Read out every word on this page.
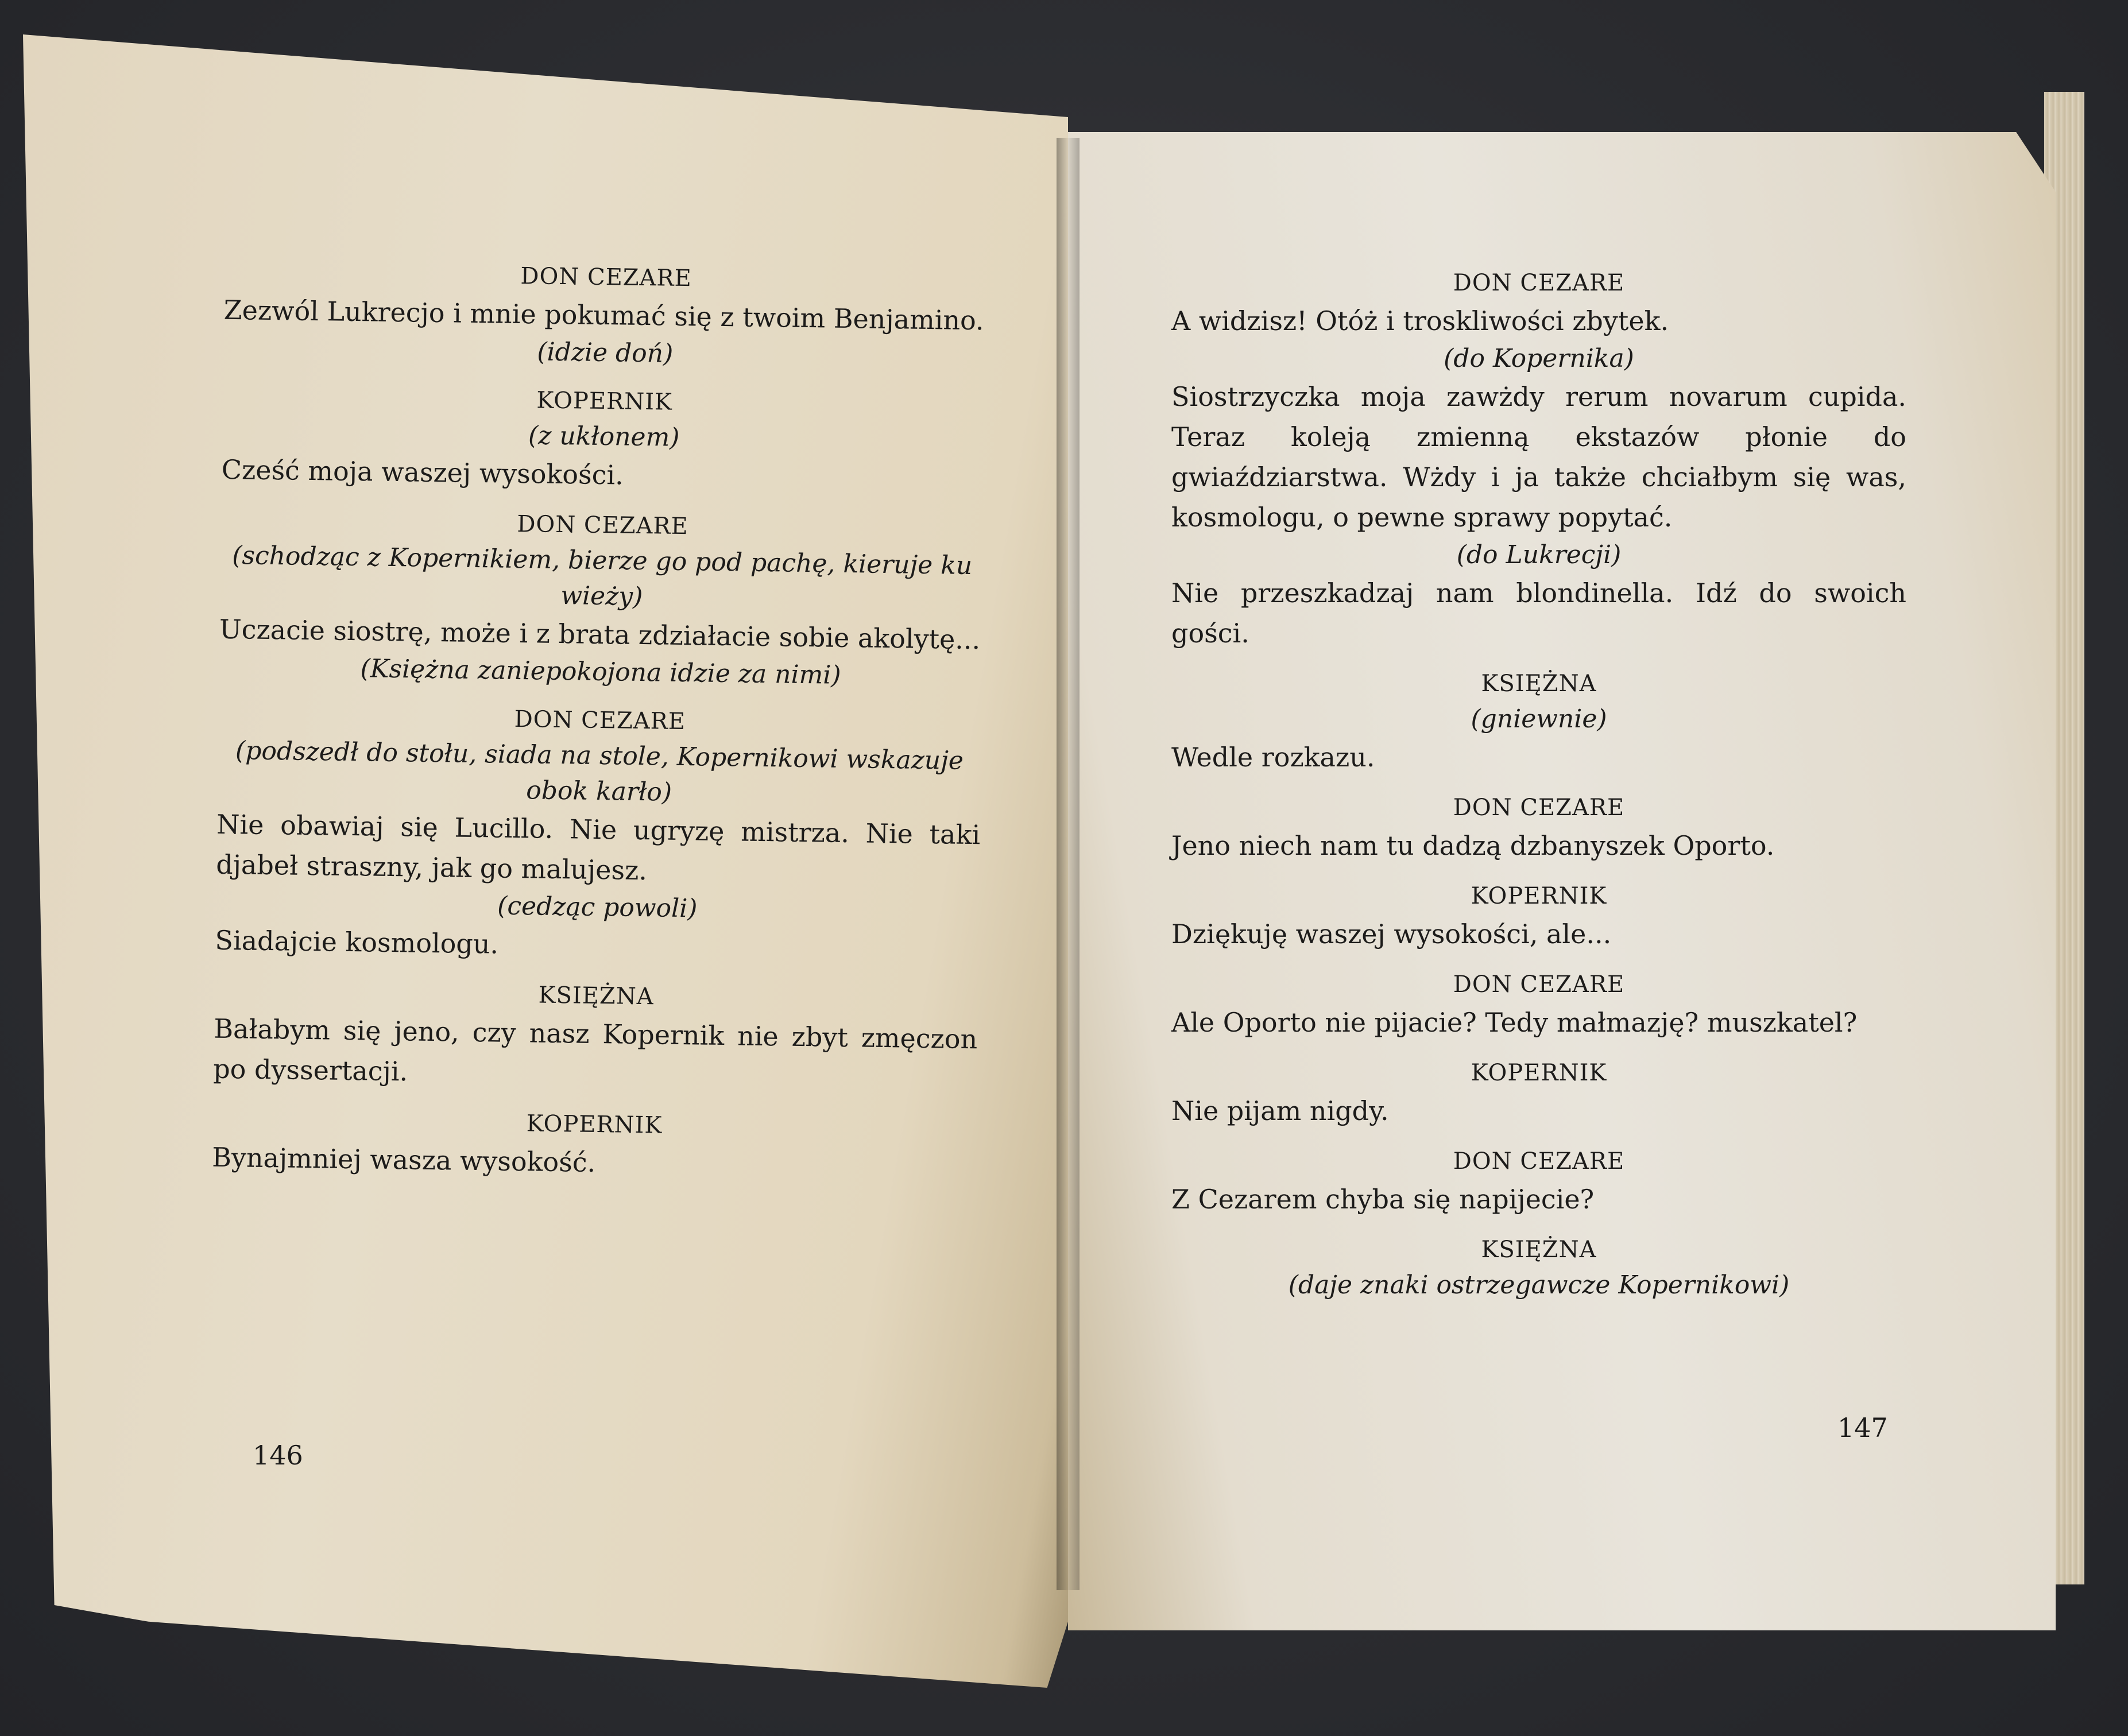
DON CEZARE
Zezwól Lukrecjo i mnie pokumać się z twoim Benjamino.
(idzie doń)
KOPERNIK
(z ukłonem)
Cześć moja waszej wysokości.
DON CEZARE
(schodząc z Kopernikiem, bierze go pod pachę, kieruje ku wieży)
Uczacie siostrę, może i z brata zdziałacie sobie akolytę...
(Księżna zaniepokojona idzie za nimi)
DON CEZARE
(podszedł do stołu, siada na stole, Kopernikowi wskazuje obok karło)
Nie obawiaj się Lucillo. Nie ugryzę mistrza. Nie taki djabeł straszny, jak go malujesz.
(cedząc powoli)
Siadajcie kosmologu.
KSIĘŻNA
Bałabym się jeno, czy nasz Kopernik nie zbyt zmęczon po dyssertacji.
KOPERNIK
Bynajmniej wasza wysokość.
146
DON CEZARE
A widzisz! Otóż i troskliwości zbytek.
(do Kopernika)
Siostrzyczka moja zawżdy rerum novarum cupida. Teraz koleją zmienną ekstazów płonie do gwiaździarstwa. Wżdy i ja także chciałbym się was, kosmologu, o pewne sprawy popytać.
(do Lukrecji)
Nie przeszkadzaj nam blondinella. Idź do swoich gości.
KSIĘŻNA
(gniewnie)
Wedle rozkazu.
DON CEZARE
Jeno niech nam tu dadzą dzbanyszek Oporto.
KOPERNIK
Dziękuję waszej wysokości, ale...
DON CEZARE
Ale Oporto nie pijacie? Tedy małmazję? muszkatel?
KOPERNIK
Nie pijam nigdy.
DON CEZARE
Z Cezarem chyba się napijecie?
KSIĘŻNA
(daje znaki ostrzegawcze Kopernikowi)
147
